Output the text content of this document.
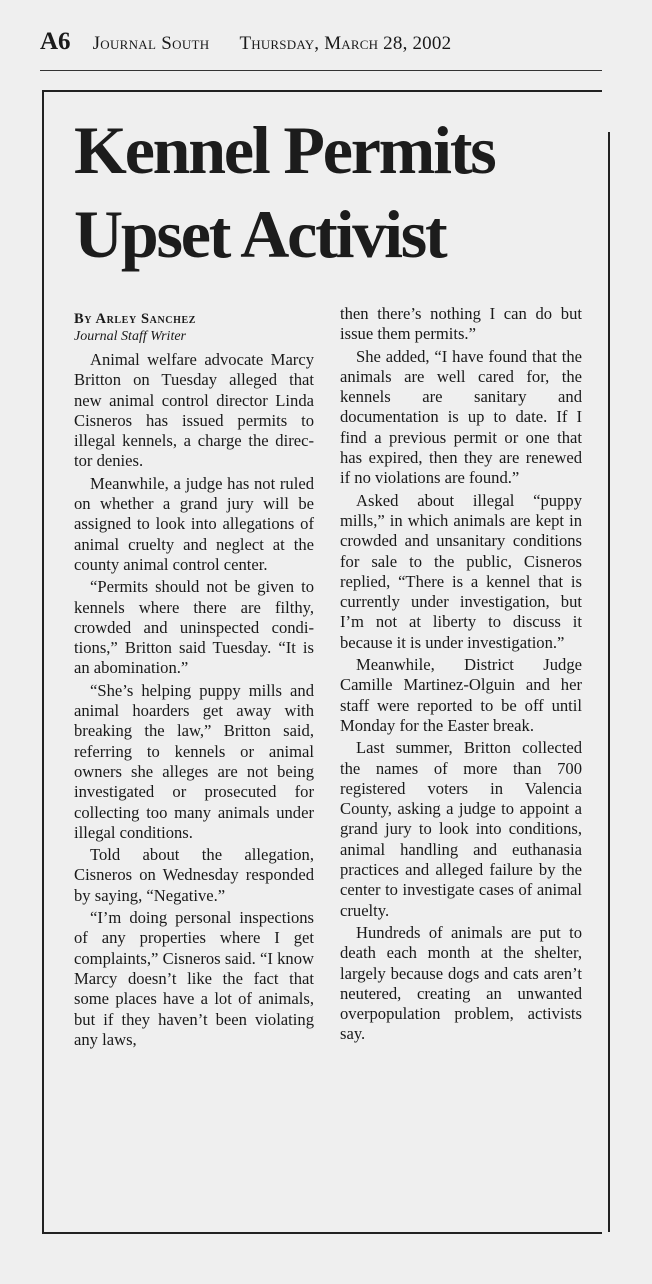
A6 Journal South Thursday, March 28, 2002
Kennel Permits Upset Activist
By Arley Sanchez
Journal Staff Writer

Animal welfare advocate Marcy Britton on Tuesday alleged that new animal control director Linda Cisneros has issued permits to illegal kennels, a charge the director denies.

Meanwhile, a judge has not ruled on whether a grand jury will be assigned to look into allegations of animal cruelty and neglect at the county animal control center.

“Permits should not be given to kennels where there are filthy, crowded and uninspected conditions,” Britton said Tuesday. “It is an abomination.”

“She’s helping puppy mills and animal hoarders get away with breaking the law,” Britton said, referring to kennels or animal owners she alleges are not being investigated or prosecuted for collecting too many animals under illegal conditions.

Told about the allegation, Cisneros on Wednesday responded by saying, “Negative.”

“I’m doing personal inspections of any properties where I get complaints,” Cisneros said. “I know Marcy doesn’t like the fact that some places have a lot of animals, but if they haven’t been violating any laws,

then there’s nothing I can do but issue them permits.”

She added, “I have found that the animals are well cared for, the kennels are sanitary and documentation is up to date. If I find a previous permit or one that has expired, then they are renewed if no violations are found.”

Asked about illegal “puppy mills,” in which animals are kept in crowded and unsanitary conditions for sale to the public, Cisneros replied, “There is a kennel that is currently under investigation, but I’m not at liberty to discuss it because it is under investigation.”

Meanwhile, District Judge Camille Martinez-Olguin and her staff were reported to be off until Monday for the Easter break.

Last summer, Britton collected the names of more than 700 registered voters in Valencia County, asking a judge to appoint a grand jury to look into conditions, animal handling and euthanasia practices and alleged failure by the center to investigate cases of animal cruelty.

Hundreds of animals are put to death each month at the shelter, largely because dogs and cats aren’t neutered, creating an unwanted overpopulation problem, activists say.
